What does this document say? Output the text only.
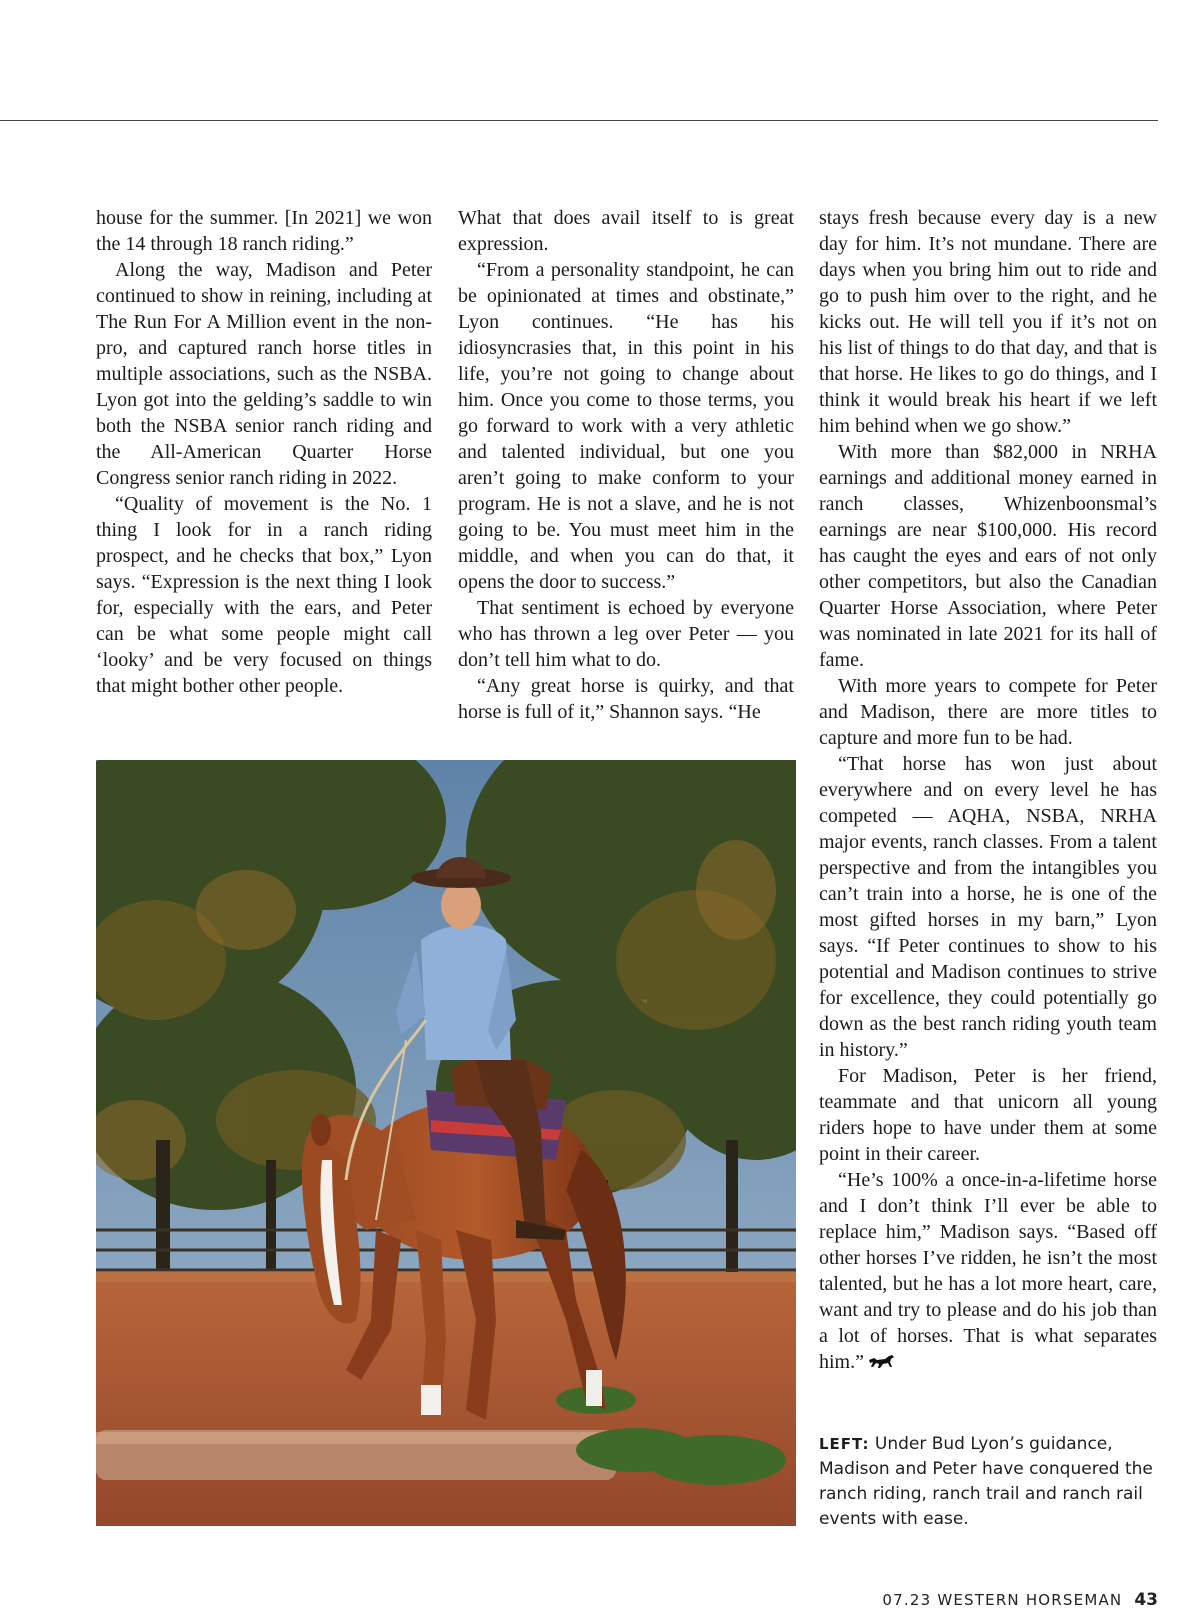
house for the summer. [In 2021] we won the 14 through 18 ranch riding.”

Along the way, Madison and Peter continued to show in reining, including at The Run For A Million event in the non-pro, and captured ranch horse titles in multiple associations, such as the NSBA. Lyon got into the gelding’s saddle to win both the NSBA senior ranch riding and the All-American Quarter Horse Congress senior ranch riding in 2022.

“Quality of movement is the No. 1 thing I look for in a ranch riding prospect, and he checks that box,” Lyon says. “Expression is the next thing I look for, especially with the ears, and Peter can be what some people might call ‘looky’ and be very focused on things that might bother other people.

What that does avail itself to is great expression.

“From a personality standpoint, he can be opinionated at times and obstinate,” Lyon continues. “He has his idiosyncrasies that, in this point in his life, you’re not going to change about him. Once you come to those terms, you go forward to work with a very athletic and talented individual, but one you aren’t going to make conform to your program. He is not a slave, and he is not going to be. You must meet him in the middle, and when you can do that, it opens the door to success.”

That sentiment is echoed by everyone who has thrown a leg over Peter — you don’t tell him what to do.

“Any great horse is quirky, and that horse is full of it,” Shannon says. “He

stays fresh because every day is a new day for him. It’s not mundane. There are days when you bring him out to ride and go to push him over to the right, and he kicks out. He will tell you if it’s not on his list of things to do that day, and that is that horse. He likes to go do things, and I think it would break his heart if we left him behind when we go show.”

With more than $82,000 in NRHA earnings and additional money earned in ranch classes, Whizenboonsmal’s earnings are near $100,000. His record has caught the eyes and ears of not only other competitors, but also the Canadian Quarter Horse Association, where Peter was nominated in late 2021 for its hall of fame.

With more years to compete for Peter and Madison, there are more titles to capture and more fun to be had.

“That horse has won just about everywhere and on every level he has competed — AQHA, NSBA, NRHA major events, ranch classes. From a talent perspective and from the intangibles you can’t train into a horse, he is one of the most gifted horses in my barn,” Lyon says. “If Peter continues to show to his potential and Madison continues to strive for excellence, they could potentially go down as the best ranch riding youth team in history.”

For Madison, Peter is her friend, teammate and that unicorn all young riders hope to have under them at some point in their career.

“He’s 100% a once-in-a-lifetime horse and I don’t think I’ll ever be able to replace him,” Madison says. “Based off other horses I’ve ridden, he isn’t the most talented, but he has a lot more heart, care, want and try to please and do his job than a lot of horses. That is what separates him.”

LEFT: Under Bud Lyon’s guidance, Madison and Peter have conquered the ranch riding, ranch trail and ranch rail events with ease.
07.23 WESTERN HORSEMAN 43
